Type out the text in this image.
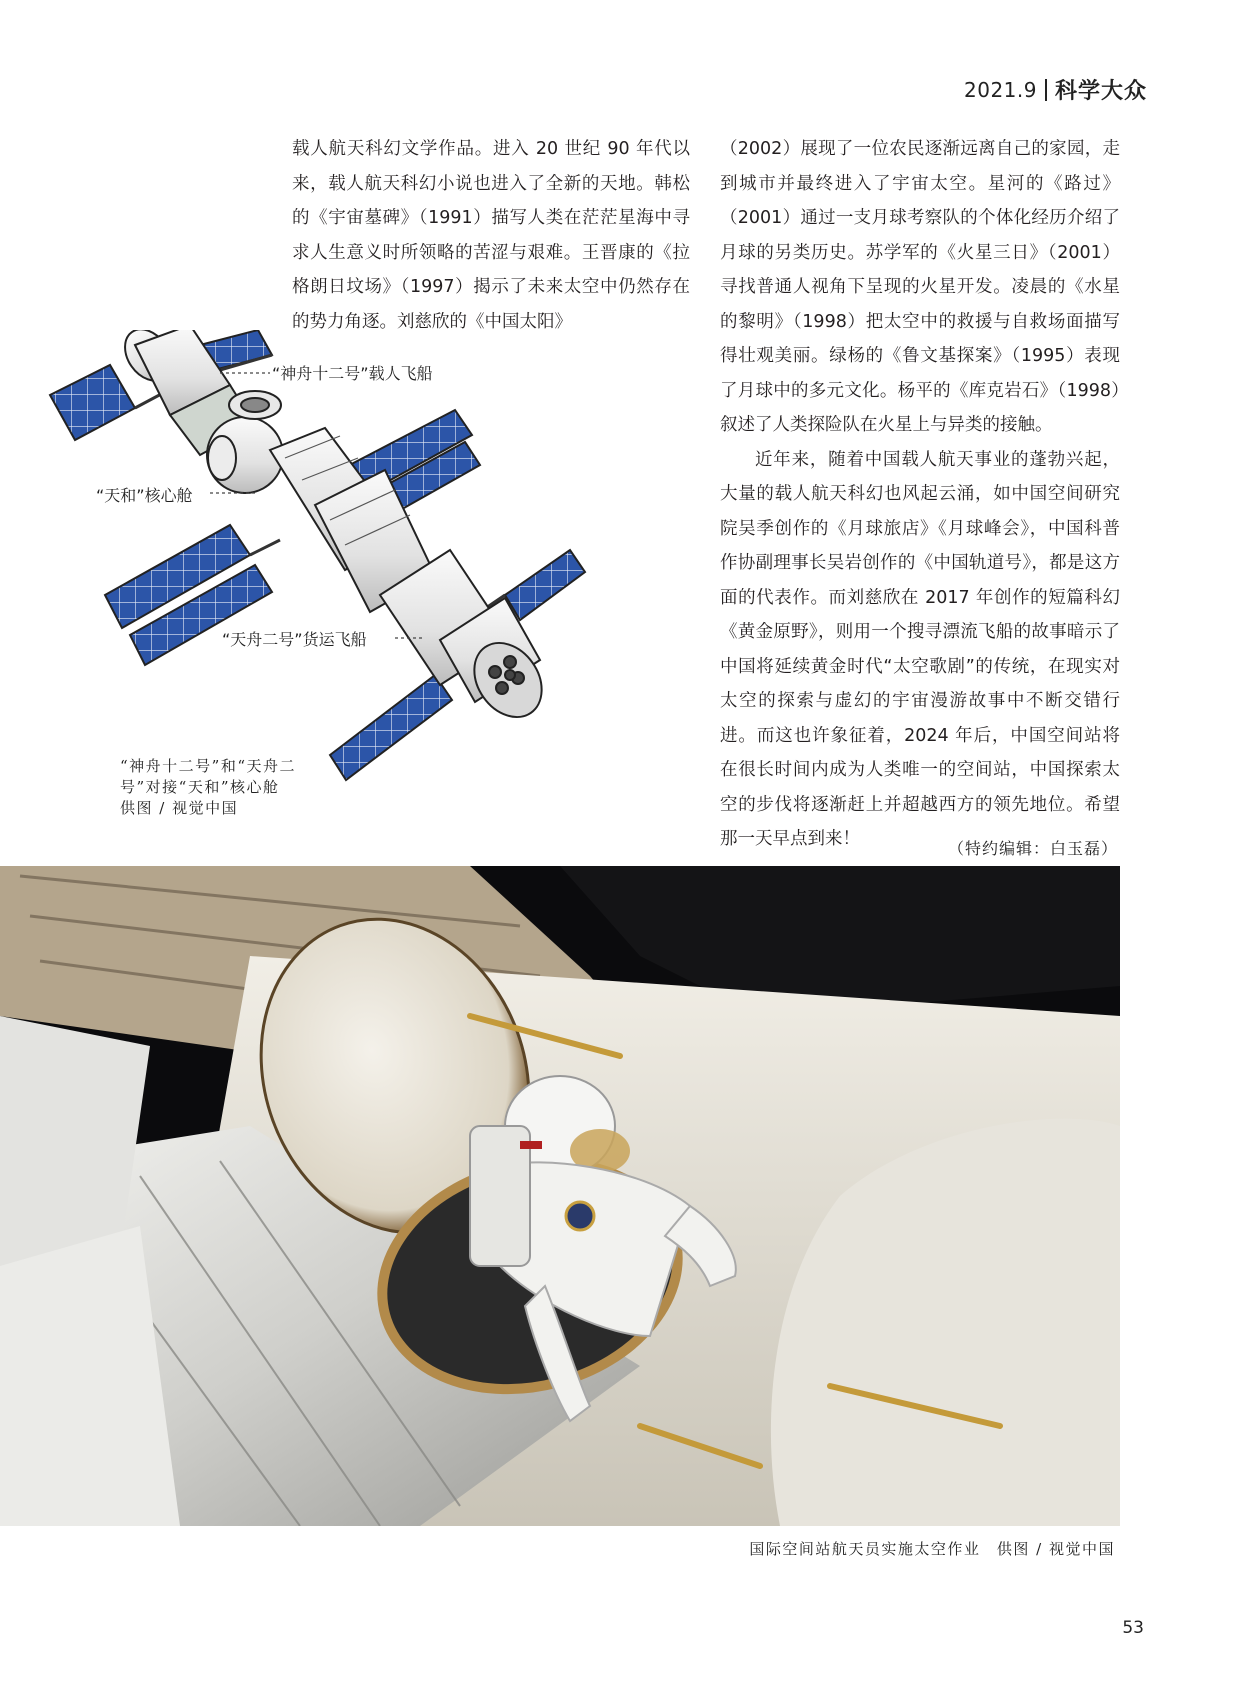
2021.9 科学大众

载人航天科幻文学作品。进入 20 世纪 90 年代以来，载人航天科幻小说也进入了全新的天地。韩松的《宇宙墓碑》（1991）描写人类在茫茫星海中寻求人生意义时所领略的苦涩与艰难。王晋康的《拉格朗日坟场》（1997）揭示了未来太空中仍然存在的势力角逐。刘慈欣的《中国太阳》

（2002）展现了一位农民逐渐远离自己的家园，走到城市并最终进入了宇宙太空。星河的《路过》（2001）通过一支月球考察队的个体化经历介绍了月球的另类历史。苏学军的《火星三日》（2001）寻找普通人视角下呈现的火星开发。凌晨的《水星的黎明》（1998）把太空中的救援与自救场面描写得壮观美丽。绿杨的《鲁文基探案》（1995）表现了月球中的多元文化。杨平的《库克岩石》（1998）叙述了人类探险队在火星上与异类的接触。

近年来，随着中国载人航天事业的蓬勃兴起，大量的载人航天科幻也风起云涌，如中国空间研究院吴季创作的《月球旅店》《月球峰会》，中国科普作协副理事长吴岩创作的《中国轨道号》，都是这方面的代表作。而刘慈欣在 2017 年创作的短篇科幻《黄金原野》，则用一个搜寻漂流飞船的故事暗示了中国将延续黄金时代“太空歌剧”的传统，在现实对太空的探索与虚幻的宇宙漫游故事中不断交错行进。而这也许象征着，2024 年后，中国空间站将在很长时间内成为人类唯一的空间站，中国探索太空的步伐将逐渐赶上并超越西方的领先地位。希望那一天早点到来！	（特约编辑：白玉磊）
“神舟十二号”载人飞船
“天和”核心舱
“天舟二号”货运飞船

“神舟十二号”和“天舟二

号”对接“天和”核心舱

供图 / 视觉中国

国际空间站航天员实施太空作业　供图 / 视觉中国
53
